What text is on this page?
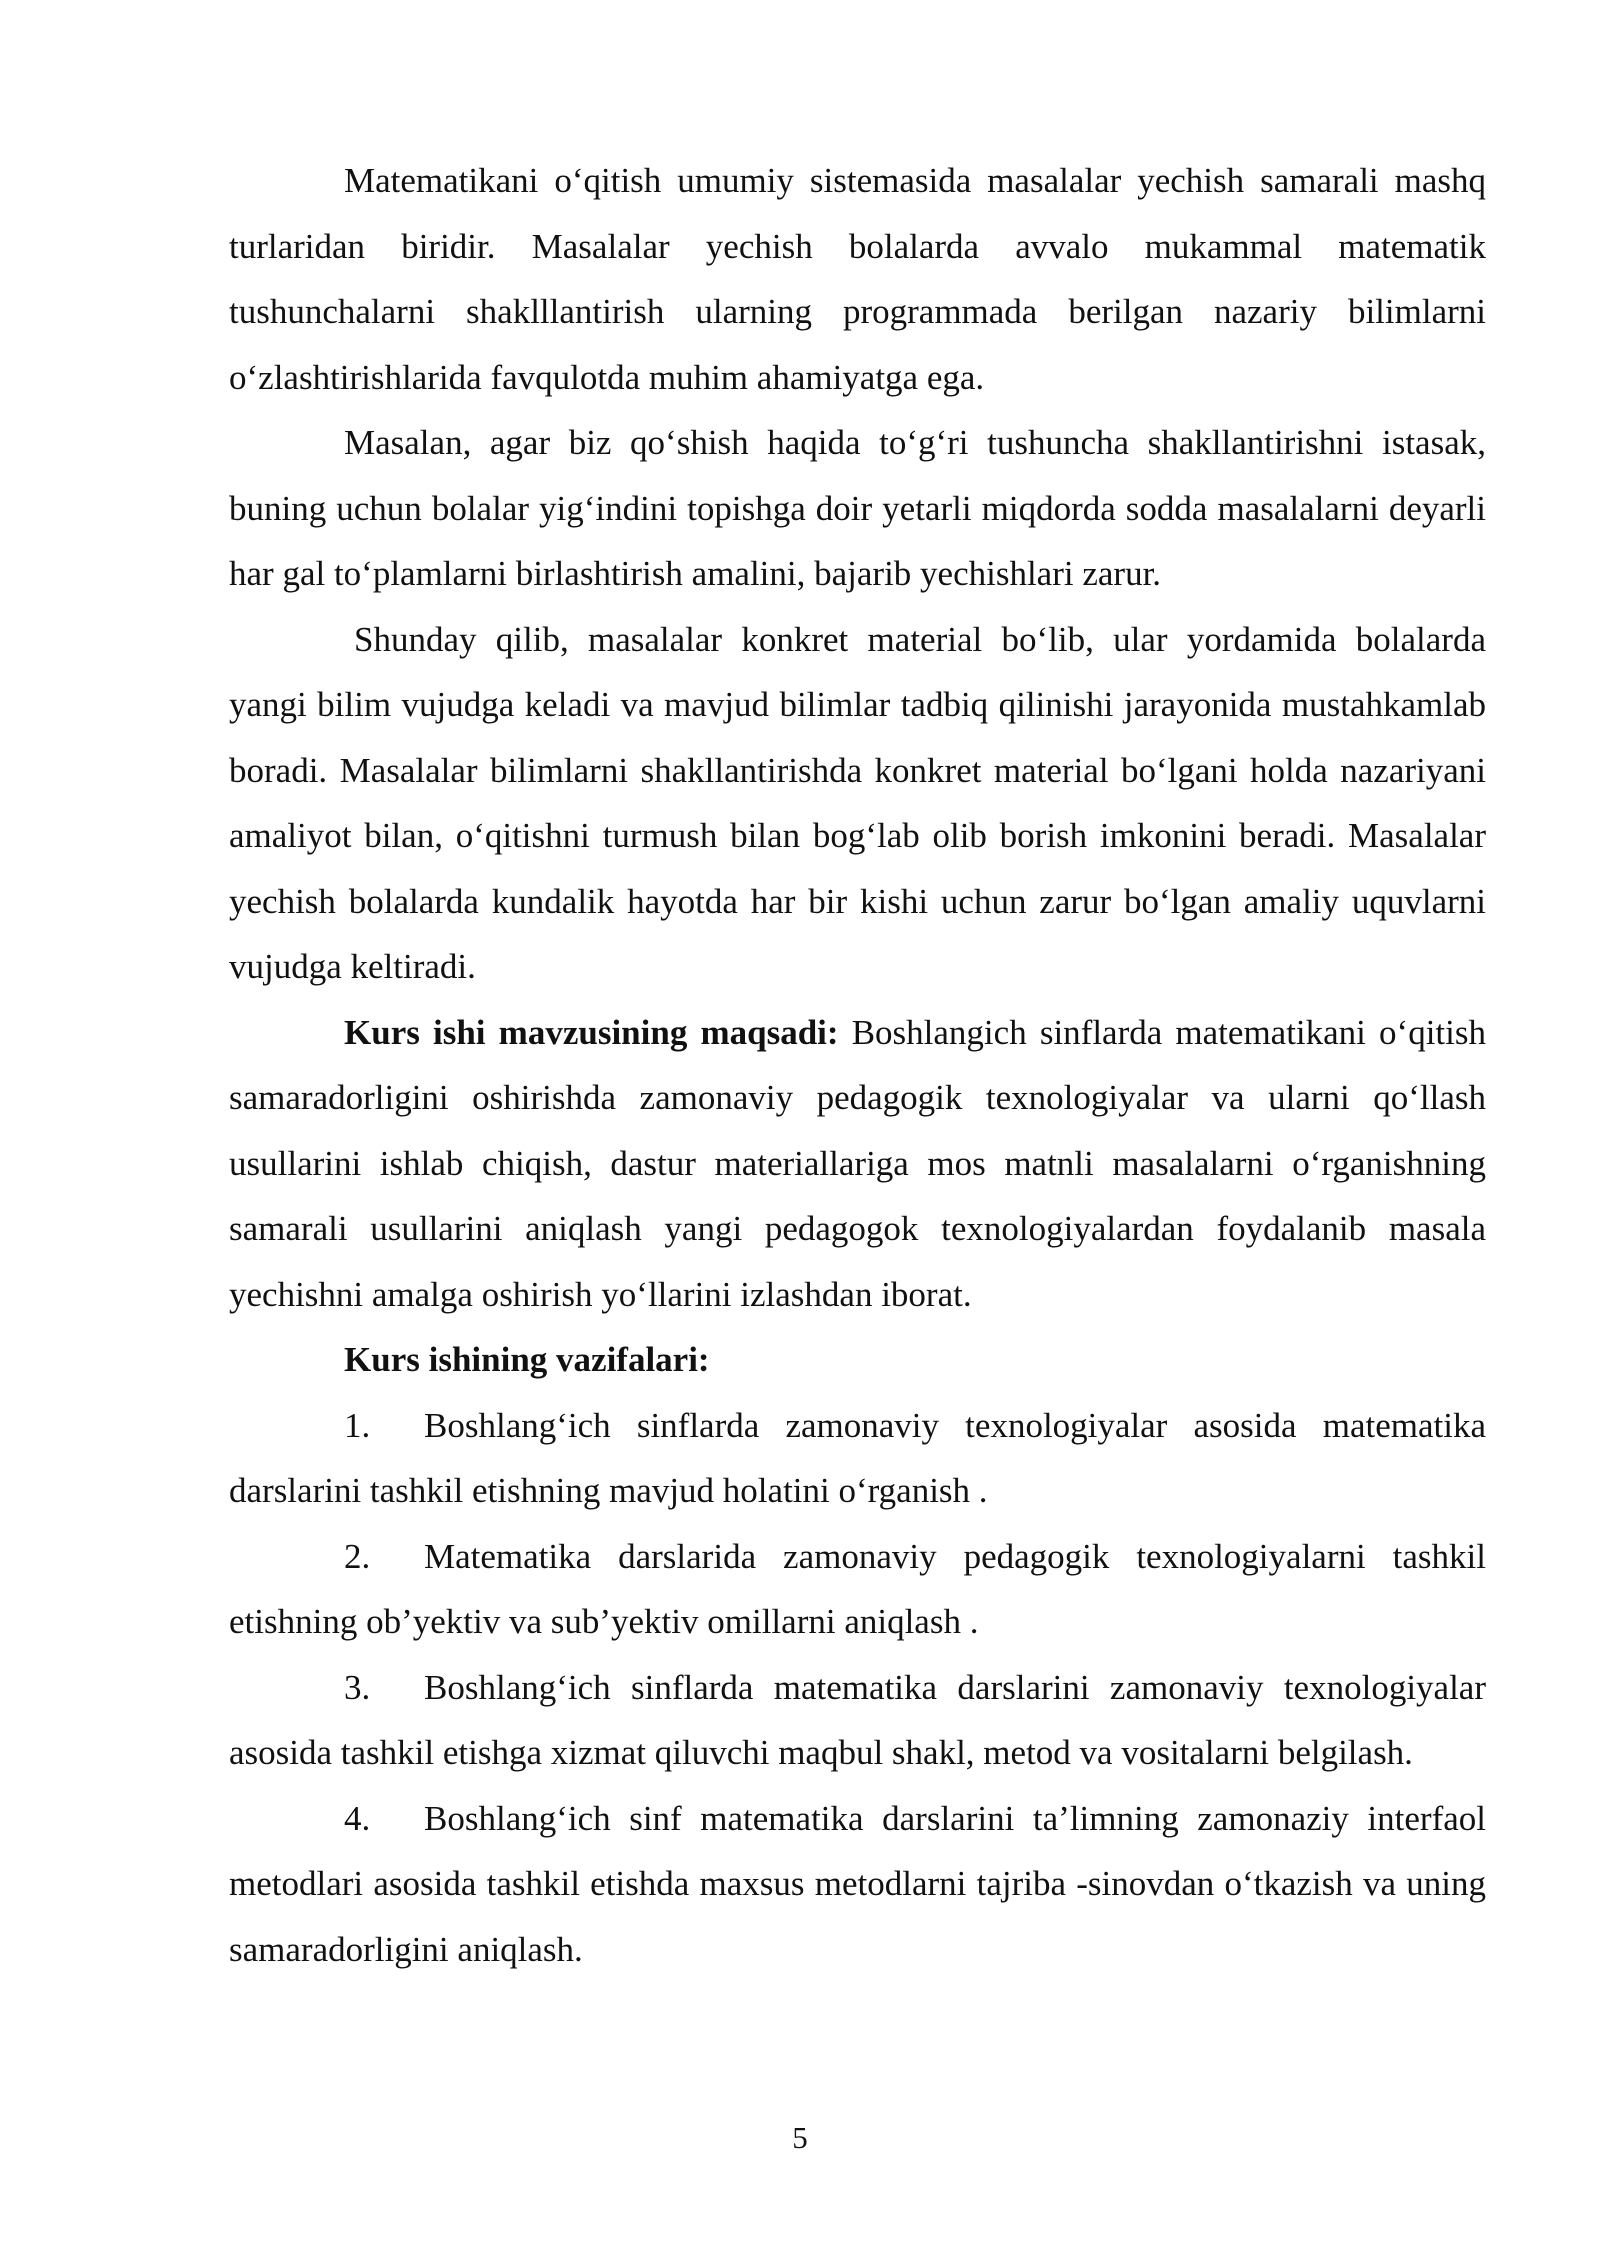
Matematikani o‘qitish umumiy sistemasida masalalar yechish samarali mashq turlaridan biridir. Masalalar yechish bolalarda avvalo mukammal matematik tushunchalarni shaklllantirish ularning programmada berilgan nazariy bilimlarni o‘zlashtirishlarida favqulotda muhim ahamiyatga ega.

Masalan, agar biz qo‘shish haqida to‘g‘ri tushuncha shakllantirishni istasak, buning uchun bolalar yig‘indini topishga doir yetarli miqdorda sodda masalalarni deyarli har gal to‘plamlarni birlashtirish amalini, bajarib yechishlari zarur.

Shunday qilib, masalalar konkret material bo‘lib, ular yordamida bolalarda yangi bilim vujudga keladi va mavjud bilimlar tadbiq qilinishi jarayonida mustahkamlab boradi. Masalalar bilimlarni shakllantirishda konkret material bo‘lgani holda nazariyani amaliyot bilan, o‘qitishni turmush bilan bog‘lab olib borish imkonini beradi. Masalalar yechish bolalarda kundalik hayotda har bir kishi uchun zarur bo‘lgan amaliy uquvlarni vujudga keltiradi.

Kurs ishi mavzusining maqsadi: Boshlangich sinflarda matematikani o‘qitish samaradorligini oshirishda zamonaviy pedagogik texnologiyalar va ularni qo‘llash usullarini ishlab chiqish, dastur materiallariga mos matnli masalalarni o‘rganishning samarali usullarini aniqlash yangi pedagogok texnologiyalardan foydalanib masala yechishni amalga oshirish yo‘llarini izlashdan iborat.

Kurs ishining vazifalari:

1. Boshlang‘ich sinflarda zamonaviy texnologiyalar asosida matematika darslarini tashkil etishning mavjud holatini o‘rganish .

2. Matematika darslarida zamonaviy pedagogik texnologiyalarni tashkil etishning ob’yektiv va sub’yektiv omillarni aniqlash .

3. Boshlang‘ich sinflarda matematika darslarini zamonaviy texnologiyalar asosida tashkil etishga xizmat qiluvchi maqbul shakl, metod va vositalarni belgilash.

4. Boshlang‘ich sinf matematika darslarini ta’limning zamonaziy interfaol metodlari asosida tashkil etishda maxsus metodlarni tajriba -sinovdan o‘tkazish va uning samaradorligini aniqlash.

5
